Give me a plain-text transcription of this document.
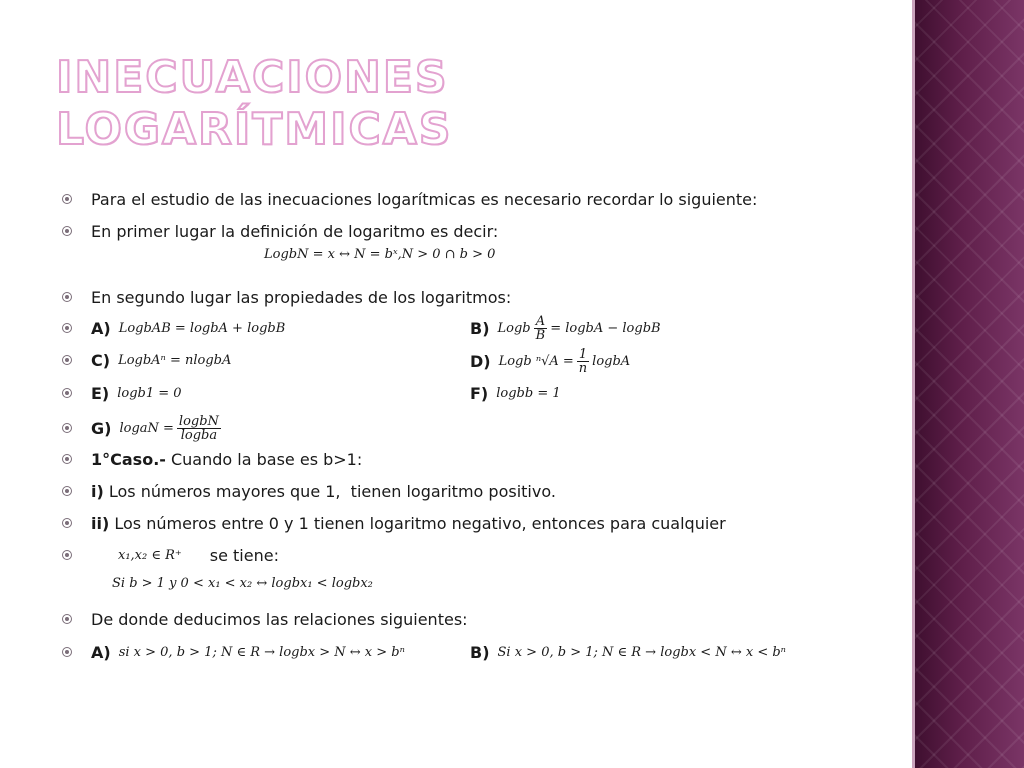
INECUACIONES
LOGARÍTMICAS
Para el estudio de las inecuaciones logarítmicas es necesario recordar lo siguiente:
En primer lugar la definición de logaritmo es decir:
LogbN = x ↔ N = bˣ,N > 0 ∩ b > 0
En segundo lugar las propiedades de los logaritmos:
A) LogbAB = logbA + logbB	B) Logb $\frac{A}{B}$ = logbA − logbB
C) LogbAⁿ = nlogbA	D) Logb $^n√A = \frac{1}{n}$ logbA
E) logb1 = 0	F) logbb = 1
G) logaN = $\frac{\text{logbN}}{\text{logba}}$
1°Caso.- Cuando la base es b>1:
i) Los números mayores que 1,  tienen logaritmo positivo.
ii) Los números entre 0 y 1 tienen logaritmo negativo, entonces para cualquier
x₁,x₂ ∈ R⁺ se tiene:
Si b > 1 y 0 < x₁ < x₂ ↔ logbx₁ < logbx₂
De donde deducimos las relaciones siguientes:
A) si x > 0, b > 1; N ∈ R → logbx > N ↔ x > bⁿ	B) Si x > 0, b > 1; N ∈ R → logbx < N ↔ x < bⁿ
